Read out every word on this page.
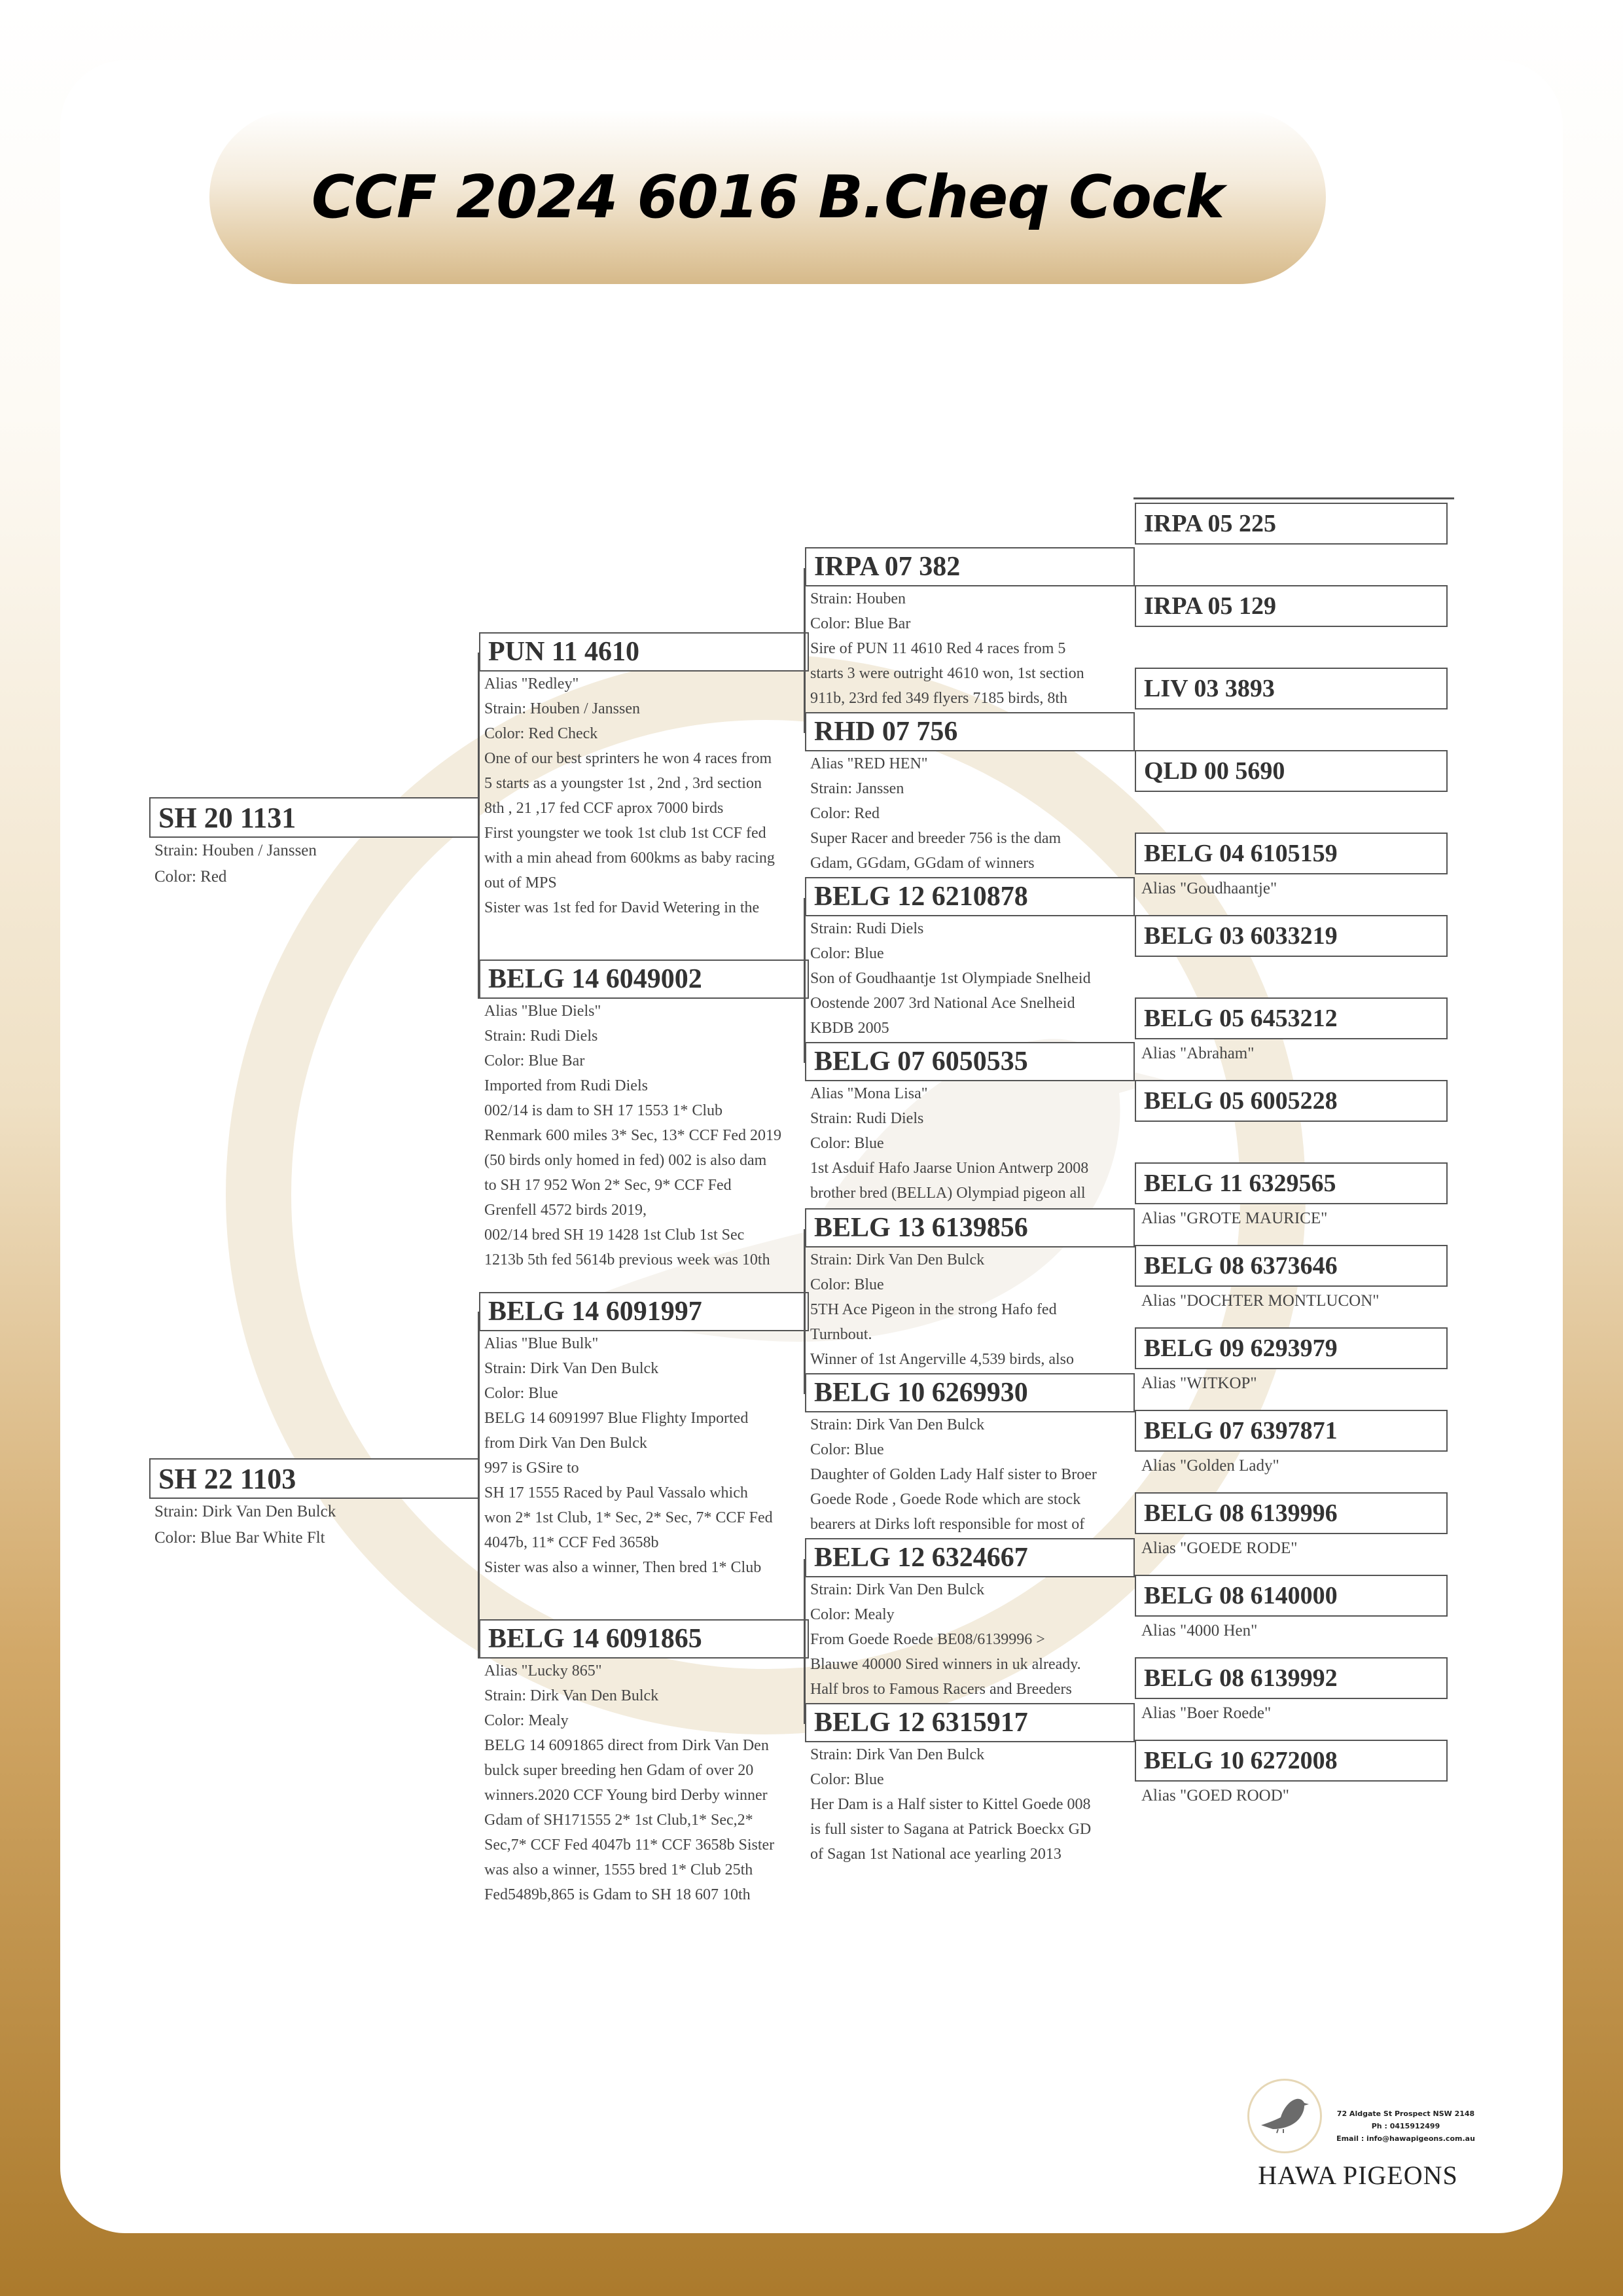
CCF 2024 6016 B.Cheq Cock
SH 20 1131
Strain: Houben / Janssen
Color: Red
SH 22 1103
Strain: Dirk Van Den Bulck
Color: Blue Bar White Flt
PUN 11 4610
Alias "Redley"
Strain: Houben / Janssen
Color: Red Check
One of our best sprinters he won 4 races from
5 starts as a youngster 1st , 2nd , 3rd section
8th , 21 ,17 fed CCF aprox 7000 birds
First youngster we took 1st club 1st CCF fed
with a min ahead from 600kms as baby racing
out of MPS
Sister was 1st fed for David Wetering in the
BELG 14 6049002
Alias "Blue Diels"
Strain: Rudi Diels
Color: Blue Bar
Imported from Rudi Diels
002/14 is dam to SH 17 1553 1* Club
Renmark 600 miles 3* Sec, 13* CCF Fed 2019
(50 birds only homed in fed) 002 is also dam
to SH 17 952 Won 2* Sec, 9* CCF Fed
Grenfell 4572 birds 2019,
002/14 bred SH 19 1428 1st Club 1st Sec
1213b 5th fed 5614b previous week was 10th
BELG 14 6091997
Alias "Blue Bulk"
Strain: Dirk Van Den Bulck
Color: Blue
BELG 14 6091997 Blue Flighty Imported
from Dirk Van Den Bulck
997 is GSire to
SH 17 1555 Raced by Paul Vassalo which
won 2* 1st Club, 1* Sec, 2* Sec, 7* CCF Fed
4047b, 11* CCF Fed 3658b
Sister was also a winner, Then bred 1* Club
BELG 14 6091865
Alias "Lucky 865"
Strain: Dirk Van Den Bulck
Color: Mealy
BELG 14 6091865 direct from Dirk Van Den
bulck super breeding hen Gdam of over 20
winners.2020 CCF Young bird Derby winner
Gdam of SH171555 2* 1st Club,1* Sec,2*
Sec,7* CCF Fed 4047b 11* CCF 3658b Sister
was also a winner, 1555 bred 1* Club 25th
Fed5489b,865 is Gdam to SH 18 607 10th
IRPA 07 382
Strain: Houben
Color: Blue Bar
Sire of PUN 11 4610 Red 4 races from 5
starts 3 were outright 4610 won, 1st section
911b, 23rd fed 349 flyers 7185 birds, 8th
RHD 07 756
Alias "RED HEN"
Strain: Janssen
Color: Red
Super Racer and breeder 756 is the dam
Gdam, GGdam, GGdam of winners
BELG 12 6210878
Strain: Rudi Diels
Color: Blue
Son of Goudhaantje 1st Olympiade Snelheid
Oostende 2007 3rd National Ace Snelheid
KBDB 2005
BELG 07 6050535
Alias "Mona Lisa"
Strain: Rudi Diels
Color: Blue
1st Asduif Hafo Jaarse Union Antwerp 2008
brother bred (BELLA) Olympiad pigeon all
BELG 13 6139856
Strain: Dirk Van Den Bulck
Color: Blue
5TH Ace Pigeon in the strong Hafo fed
Turnbout.
Winner of 1st Angerville 4,539 birds, also
BELG 10 6269930
Strain: Dirk Van Den Bulck
Color: Blue
Daughter of Golden Lady Half sister to Broer
Goede Rode , Goede Rode which are stock
bearers at Dirks loft responsible for most of
BELG 12 6324667
Strain: Dirk Van Den Bulck
Color: Mealy
From Goede Roede BE08/6139996 >
Blauwe 40000 Sired winners in uk already.
Half bros to Famous Racers and Breeders
BELG 12 6315917
Strain: Dirk Van Den Bulck
Color: Blue
Her Dam is a Half sister to Kittel Goede 008
is full sister to Sagana at Patrick Boeckx GD
of Sagan 1st National ace yearling 2013
IRPA 05 225
IRPA 05 129
LIV 03 3893
QLD 00 5690
BELG 04 6105159
Alias "Goudhaantje"
BELG 03 6033219
BELG 05 6453212
Alias "Abraham"
BELG 05 6005228
BELG 11 6329565
Alias "GROTE MAURICE"
BELG 08 6373646
Alias "DOCHTER MONTLUCON"
BELG 09 6293979
Alias "WITKOP"
BELG 07 6397871
Alias "Golden Lady"
BELG 08 6139996
Alias "GOEDE RODE"
BELG 08 6140000
Alias "4000 Hen"
BELG 08 6139992
Alias "Boer Roede"
BELG 10 6272008
Alias "GOED ROOD"
72 Aldgate St Prospect NSW 2148
Ph : 0415912499
Email : info@hawapigeons.com.au
HAWA PIGEONS
